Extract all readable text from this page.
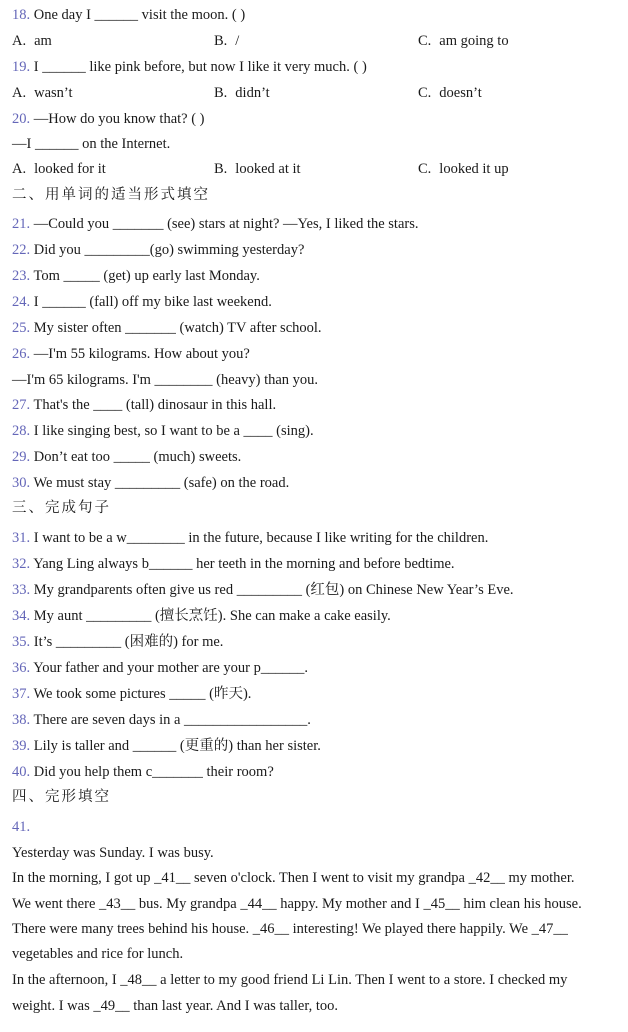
18. One day I ______ visit the moon. ( )
A. am	B. /	C. am going to
19. I ______ like pink before, but now I like it very much. ( )
A. wasn’t	B. didn’t	C. doesn’t
20. —How do you know that? ( )
—I ______ on the Internet.
A. looked for it	B. looked at it	C. looked it up
二、用单词的适当形式填空
21. —Could you _______ (see) stars at night? —Yes, I liked the stars.
22. Did you _________(go) swimming yesterday?
23. Tom _____ (get) up early last Monday.
24. I ______ (fall) off my bike last weekend.
25. My sister often _______ (watch) TV after school.
26. —I'm 55 kilograms. How about you?
—I'm 65 kilograms. I'm ________ (heavy) than you.
27. That's the ____ (tall) dinosaur in this hall.
28. I like singing best, so I want to be a ____ (sing).
29. Don’t eat too _____ (much) sweets.
30. We must stay _________ (safe) on the road.
三、完成句子
31. I want to be a w________ in the future, because I like writing for the children.
32. Yang Ling always b______ her teeth in the morning and before bedtime.
33. My grandparents often give us red _________ (红包) on Chinese New Year’s Eve.
34. My aunt _________ (擅长烹饪). She can make a cake easily.
35. It’s _________ (困难的) for me.
36. Your father and your mother are your p______.
37. We took some pictures _____ (昨天).
38. There are seven days in a _________________.
39. Lily is taller and ______ (更重的) than her sister.
40. Did you help them c_______ their room?
四、完形填空
41.
Yesterday was Sunday. I was busy.
In the morning, I got up _41__ seven o'clock. Then I went to visit my grandpa _42__ my mother.
We went there _43__ bus. My grandpa _44__ happy. My mother and I _45__ him clean his house.
There were many trees behind his house. _46__ interesting! We played there happily. We _47__
vegetables and rice for lunch.
In the afternoon, I _48__ a letter to my good friend Li Lin. Then I went to a store. I checked my
weight. I was _49__ than last year. And I was taller, too.
